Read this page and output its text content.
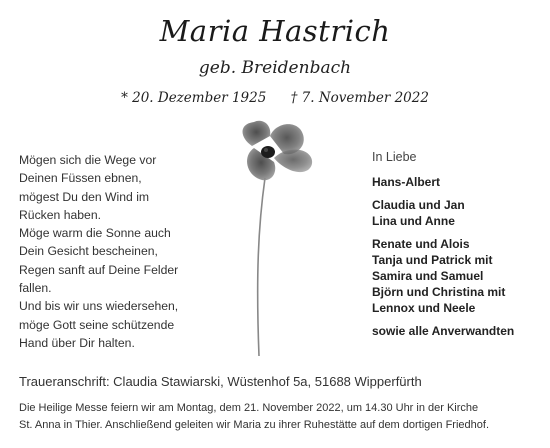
Maria Hastrich
geb. Breidenbach
* 20. Dezember 1925 † 7. November 2022
Mögen sich die Wege vor
Deinen Füssen ebnen,
mögest Du den Wind im
Rücken haben.
Möge warm die Sonne auch
Dein Gesicht bescheinen,
Regen sanft auf Deine Felder
fallen.
Und bis wir uns wiedersehen,
möge Gott seine schützende
Hand über Dir halten.
In Liebe
Hans-Albert
Claudia und Jan
Lina und Anne
Renate und Alois
Tanja und Patrick mit
Samira und Samuel
Björn und Christina mit
Lennox und Neele
sowie alle Anverwandten
Traueranschrift: Claudia Stawiarski, Wüstenhof 5a, 51688 Wipperfürth
Die Heilige Messe feiern wir am Montag, dem 21. November 2022, um 14.30 Uhr in der Kirche
St. Anna in Thier. Anschließend geleiten wir Maria zu ihrer Ruhestätte auf dem dortigen Friedhof.
